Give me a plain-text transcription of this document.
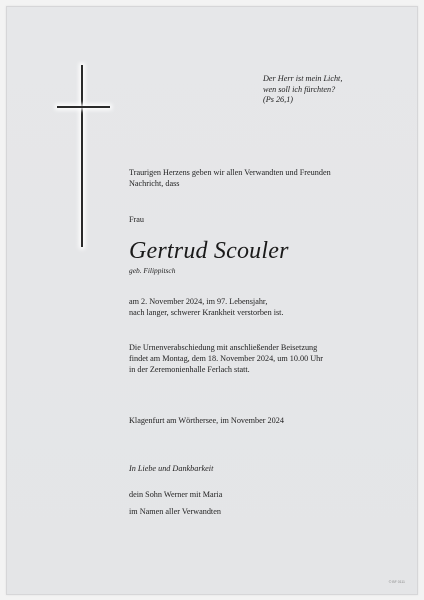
Der Herr ist mein Licht,
wen soll ich fürchten?
(Ps 26,1)
Traurigen Herzens geben wir allen Verwandten und Freunden
Nachricht, dass
Frau
Gertrud Scouler
geb. Filippitsch
am 2. November 2024, im 97. Lebensjahr,
nach langer, schwerer Krankheit verstorben ist.
Die Urnenverabschiedung mit anschließender Beisetzung
findet am Montag, dem 18. November 2024, um 10.00 Uhr
in der Zeremonienhalle Ferlach statt.
Klagenfurt am Wörthersee, im November 2024
In Liebe und Dankbarkeit
dein Sohn Werner mit Maria
im Namen aller Verwandten
© BF 0111
